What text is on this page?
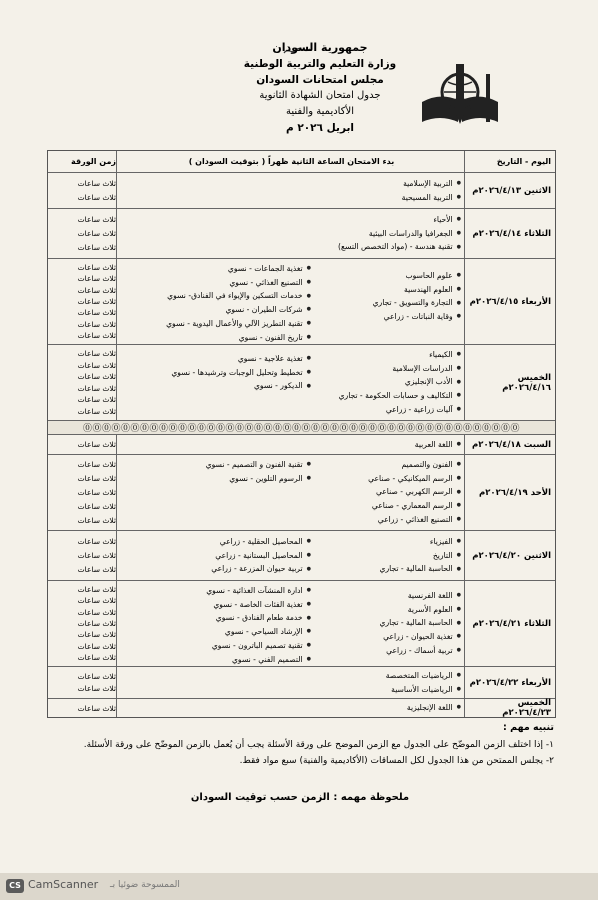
جمهورية السودان
وزارة التعليم والتربية الوطنية
مجلس امتحانات السودان
جدول امتحان الشهادة الثانوية
الأكاديمية والفنية
ابريل ٢٠٢٦ م
اليوم - التاريخ
بدء الامتحان الساعة الثانية ظهراً ( بتوقيت السودان )
زمن الورقة
الاثنين ٢٠٢٦/٤/١٣م
● التربية الإسلامية
● التربية المسيحية
ثلاث ساعات
ثلاث ساعات
الثلاثاء ٢٠٢٦/٤/١٤م
● الأحياء
● الجغرافيا والدراسات البيئية
● تقنية هندسة - (مواد التخصص التسع)
ثلاث ساعات
ثلاث ساعات
ثلاث ساعات
الأربعاء ٢٠٢٦/٤/١٥م
● علوم الحاسوب
● العلوم الهندسية
● التجارة والتسويق - تجاري
● وقاية النباتات - زراعي
● تغذية الجماعات - نسوي
● التصنيع الغذائي - نسوي
● خدمات التسكين والإيواء في الفنادق- نسوي
● شركات الطيران - نسوي
● تقنية التطريز الآلي والأعمال اليدوية - نسوي
● تاريخ الفنون - نسوي
ثلاث ساعات
ثلاث ساعات
ثلاث ساعات
ثلاث ساعات
ثلاث ساعات
ثلاث ساعات
ثلاث ساعات
الخميس ٢٠٢٦/٤/١٦م
● الكيمياء
● الدراسات الإسلامية
● الأدب الإنجليزي
● التكاليف و حسابات الحكومة - تجاري
● آليات زراعية - زراعي
● تغذية علاجية - نسوي
● تخطيط وتحليل الوجبات وترشيدها - نسوي
● الديكور - نسوي
ثلاث ساعات
ثلاث ساعات
ثلاث ساعات
ثلاث ساعات
ثلاث ساعات
ثلاث ساعات
⓪⓪⓪⓪⓪⓪⓪⓪⓪⓪⓪⓪⓪⓪⓪⓪⓪⓪⓪⓪⓪⓪⓪⓪⓪⓪⓪⓪⓪⓪⓪⓪⓪⓪⓪⓪⓪⓪⓪⓪⓪⓪⓪⓪⓪⓪
السبت ٢٠٢٦/٤/١٨م
● اللغة العربية
ثلاث ساعات
الأحد ٢٠٢٦/٤/١٩م
● الفنون والتصميم
● الرسم الميكانيكي - صناعي
● الرسم الكهربي - صناعي
● الرسم المعماري - صناعي
● التصنيع الغذائي - زراعي
● تقنية الفنون و التصميم - نسوي
● الرسوم التلوين - نسوي
ثلاث ساعات
ثلاث ساعات
ثلاث ساعات
ثلاث ساعات
ثلاث ساعات
الاثنين ٢٠٢٦/٤/٢٠م
● الفيزياء
● التاريخ
● الحاسبة المالية - تجاري
● المحاصيل الحقلية - زراعي
● المحاصيل البستانية - زراعي
● تربية حيوان المزرعة - زراعي
ثلاث ساعات
ثلاث ساعات
ثلاث ساعات
الثلاثاء ٢٠٢٦/٤/٢١م
● اللغة الفرنسية
● العلوم الأسرية
● الحاسبة المالية - تجاري
● تغذية الحيوان - زراعي
● تربية أسماك - زراعي
● ادارة المنشآت الغذائية - نسوي
● تغذية الفئات الخاصة - نسوي
● خدمة طعام الفنادق - نسوي
● الإرشاد السياحي - نسوي
● تقنية تصميم الباترون - نسوي
● التصميم الفني - نسوي
ثلاث ساعات
ثلاث ساعات
ثلاث ساعات
ثلاث ساعات
ثلاث ساعات
ثلاث ساعات
ثلاث ساعات
الأربعاء ٢٠٢٦/٤/٢٢م
● الرياضيات المتخصصة
● الرياضيات الأساسية
ثلاث ساعات
ثلاث ساعات
الخميس ٢٠٢٦/٤/٢٣م
● اللغة الإنجليزية
ثلاث ساعات
تنبيه مهم :
١- إذا اختلف الزمن الموضّح على الجدول مع الزمن الموضح على ورقة الأسئلة يجب أن يُعمل بالزمن الموضّح على ورقة الأسئلة.
٢- يجلس الممتحن من هذا الجدول لكل المساقات (الأكاديمية والفنية) سبع مواد فقط.
ملحوظة مهمه : الزمن حسب توقيت السودان
CS CamScanner الممسوحة ضوئيا بـ
